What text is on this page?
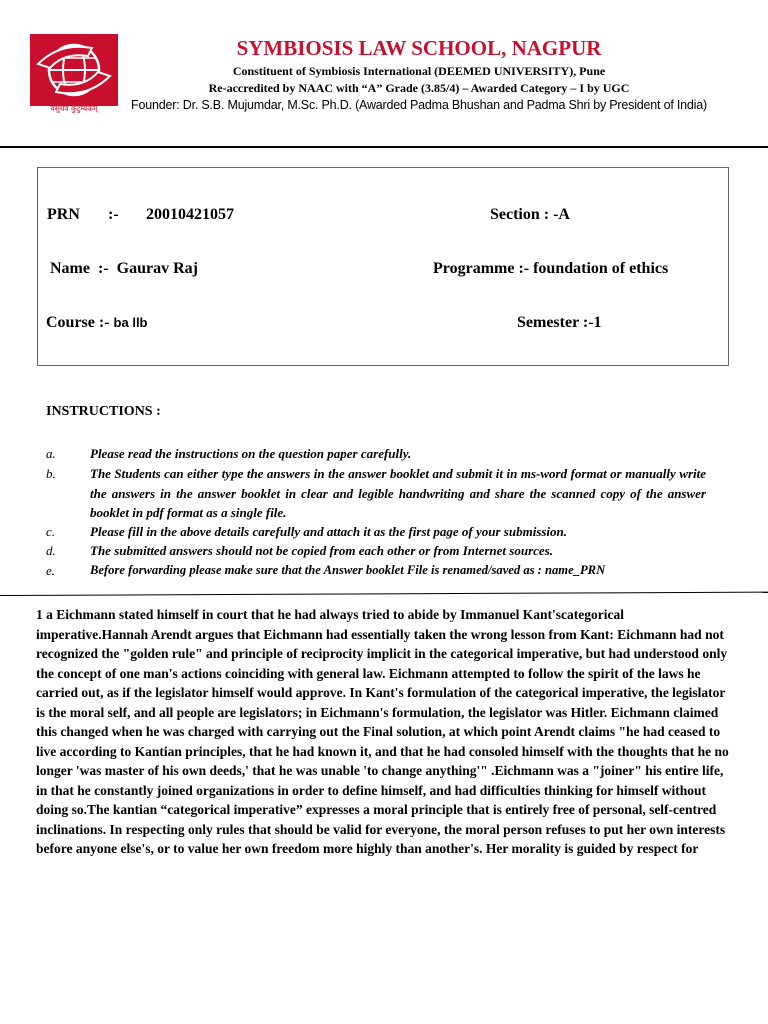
वसुधैव कुटुम्बकम्
SYMBIOSIS LAW SCHOOL, NAGPUR
Constituent of Symbiosis International (DEEMED UNIVERSITY), Pune
Re-accredited by NAAC with “A” Grade (3.85/4) – Awarded Category – I by UGC
Founder: Dr. S.B. Mujumdar, M.Sc. Ph.D. (Awarded Padma Bhushan and Padma Shri by President of India)
PRN :- 20010421057	Section : -A
Name  :-  Gaurav Raj	Programme :- foundation of ethics
Course :- ba llb	Semester :-1
INSTRUCTIONS :
a.	Please read the instructions on the question paper carefully.
b.	The Students can either type the answers in the answer booklet and submit it in ms-word format or manually write the answers in the answer booklet in clear and legible handwriting and share the scanned copy of the answer booklet in pdf format as a single file.
c.	Please fill in the above details carefully and attach it as the first page of your submission.
d.	The submitted answers should not be copied from each other or from Internet sources.
e.	Before forwarding please make sure that the Answer booklet File is renamed/saved as : name_PRN
1 a Eichmann stated himself in court that he had always tried to abide by Immanuel Kant'scategorical imperative.Hannah Arendt argues that Eichmann had essentially taken the wrong lesson from Kant: Eichmann had not recognized the "golden rule" and principle of reciprocity implicit in the categorical imperative, but had understood only the concept of one man's actions coinciding with general law. Eichmann attempted to follow the spirit of the laws he carried out, as if the legislator himself would approve. In Kant's formulation of the categorical imperative, the legislator is the moral self, and all people are legislators; in Eichmann's formulation, the legislator was Hitler. Eichmann claimed this changed when he was charged with carrying out the Final solution, at which point Arendt claims "he had ceased to live according to Kantian principles, that he had known it, and that he had consoled himself with the thoughts that he no longer 'was master of his own deeds,' that he was unable 'to change anything'" .Eichmann was a "joiner" his entire life, in that he constantly joined organizations in order to define himself, and had difficulties thinking for himself without doing so.The kantian “categorical imperative” expresses a moral principle that is entirely free of personal, self-centred inclinations. In respecting only rules that should be valid for everyone, the moral person refuses to put her own interests before anyone else's, or to value her own freedom more highly than another's. Her morality is guided by respect for
